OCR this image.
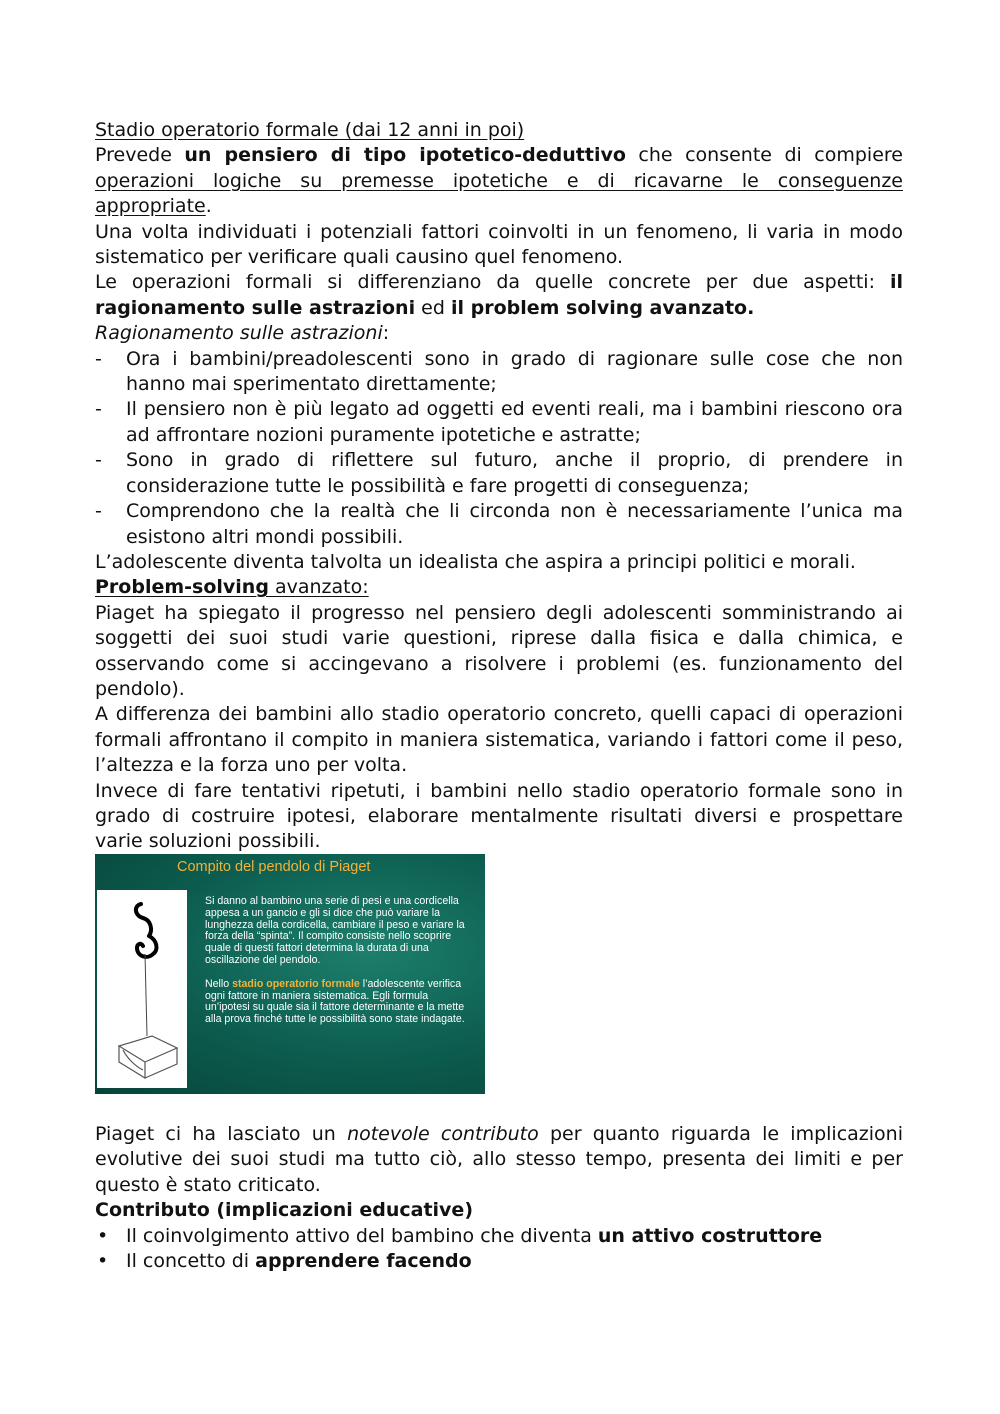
Stadio operatorio formale (dai 12 anni in poi)

Prevede un pensiero di tipo ipotetico-deduttivo che consente di compiere operazioni logiche su premesse ipotetiche e di ricavarne le conseguenze appropriate.

Una volta individuati i potenziali fattori coinvolti in un fenomeno, li varia in modo sistematico per verificare quali causino quel fenomeno.

Le operazioni formali si differenziano da quelle concrete per due aspetti: il ragionamento sulle astrazioni ed il problem solving avanzato.

Ragionamento sulle astrazioni:

- Ora i bambini/preadolescenti sono in grado di ragionare sulle cose che non hanno mai sperimentato direttamente;
- Il pensiero non è più legato ad oggetti ed eventi reali, ma i bambini riescono ora ad affrontare nozioni puramente ipotetiche e astratte;
- Sono in grado di riflettere sul futuro, anche il proprio, di prendere in considerazione tutte le possibilità e fare progetti di conseguenza;
- Comprendono che la realtà che li circonda non è necessariamente l’unica ma esistono altri mondi possibili.

L’adolescente diventa talvolta un idealista che aspira a principi politici e morali.

Problem-solving avanzato:

Piaget ha spiegato il progresso nel pensiero degli adolescenti somministrando ai soggetti dei suoi studi varie questioni, riprese dalla fisica e dalla chimica, e osservando come si accingevano a risolvere i problemi (es. funzionamento del pendolo).

A differenza dei bambini allo stadio operatorio concreto, quelli capaci di operazioni formali affrontano il compito in maniera sistematica, variando i fattori come il peso, l’altezza e la forza uno per volta.

Invece di fare tentativi ripetuti, i bambini nello stadio operatorio formale sono in grado di costruire ipotesi, elaborare mentalmente risultati diversi e prospettare varie soluzioni possibili.

Compito del pendolo di Piaget

Si danno al bambino una serie di pesi e una cordicella appesa a un gancio e gli si dice che può variare la lunghezza della cordicella, cambiare il peso e variare la forza della “spinta”. Il compito consiste nello scoprire quale di questi fattori determina la durata di una oscillazione del pendolo.

Nello stadio operatorio formale l’adolescente verifica ogni fattore in maniera sistematica. Egli formula un’ipotesi su quale sia il fattore determinante e la mette alla prova finché tutte le possibilità sono state indagate.

Piaget ci ha lasciato un notevole contributo per quanto riguarda le implicazioni evolutive dei suoi studi ma tutto ciò, allo stesso tempo, presenta dei limiti e per questo è stato criticato.

Contributo (implicazioni educative)

• Il coinvolgimento attivo del bambino che diventa un attivo costruttore
• Il concetto di apprendere facendo
